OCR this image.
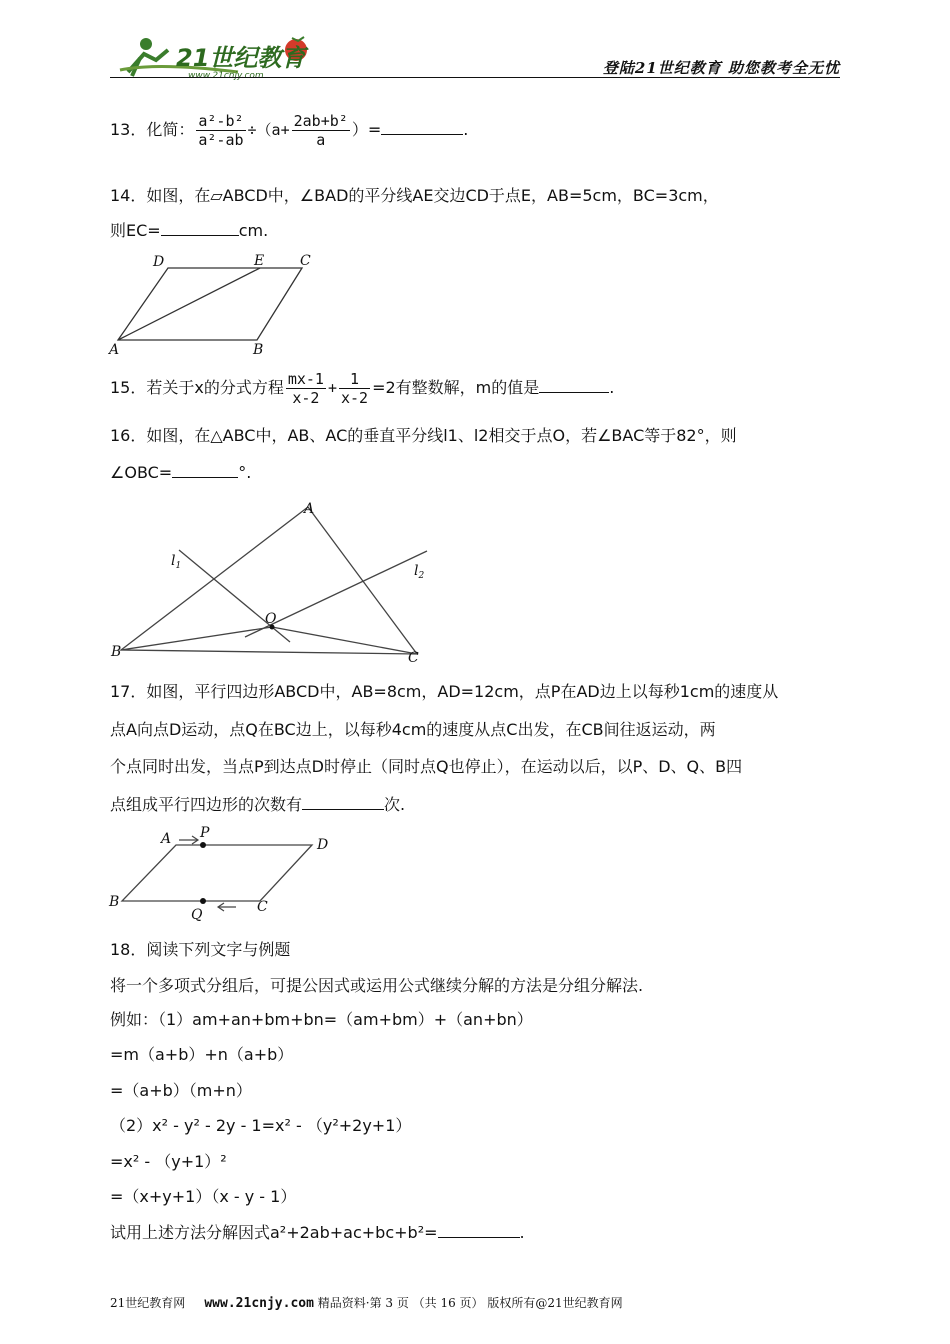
21世纪教育
www.21cnjy.com	登陆21世纪教育 助您教考全无忧
13．化简： $\frac{\text{a²-b²}}{\text{a²-ab}} \div(a+ \frac{\text{2ab+b²}}{a}$ ）=	.
14．如图，在▱ABCD中，∠BAD的平分线AE交边CD于点E，AB=5cm，BC=3cm，
则EC=	cm.
D	E	C
A	B
15．若关于x的分式方程 $\frac{mx-1}{x-2} + \frac{1}{x-2} =2$有整数解，m的值是	.
16．如图，在△ABC中，AB、AC的垂直平分线l1、l2相交于点O，若∠BAC等于82°，则
∠OBC=	°.
A
B	C
O
$l_1$	$l_2$
17．如图，平行四边形ABCD中，AB=8cm，AD=12cm，点P在AD边上以每秒1cm的速度从
点A向点D运动，点Q在BC边上，以每秒4cm的速度从点C出发，在CB间往返运动，两
个点同时出发，当点P到达点D时停止（同时点Q也停止），在运动以后，以P、D、Q、B四
点组成平行四边形的次数有	次.
A P
D
B
Q	C
18．阅读下列文字与例题
将一个多项式分组后，可提公因式或运用公式继续分解的方法是分组分解法.
例如：（1）am+an+bm+bn=（am+bm）+（an+bn）
=m（a+b）+n（a+b）
=（a+b）（m+n）
（2）x² - y² - 2y - 1=x² - （y²+2y+1）
=x² - （y+1）²
=（x+y+1）（x - y - 1）
试用上述方法分解因式a²+2ab+ac+bc+b²=	.
21世纪教育网 www.21cnjy.com 精品资料·第 3 页 （共 16 页） 版权所有@21世纪教育网
